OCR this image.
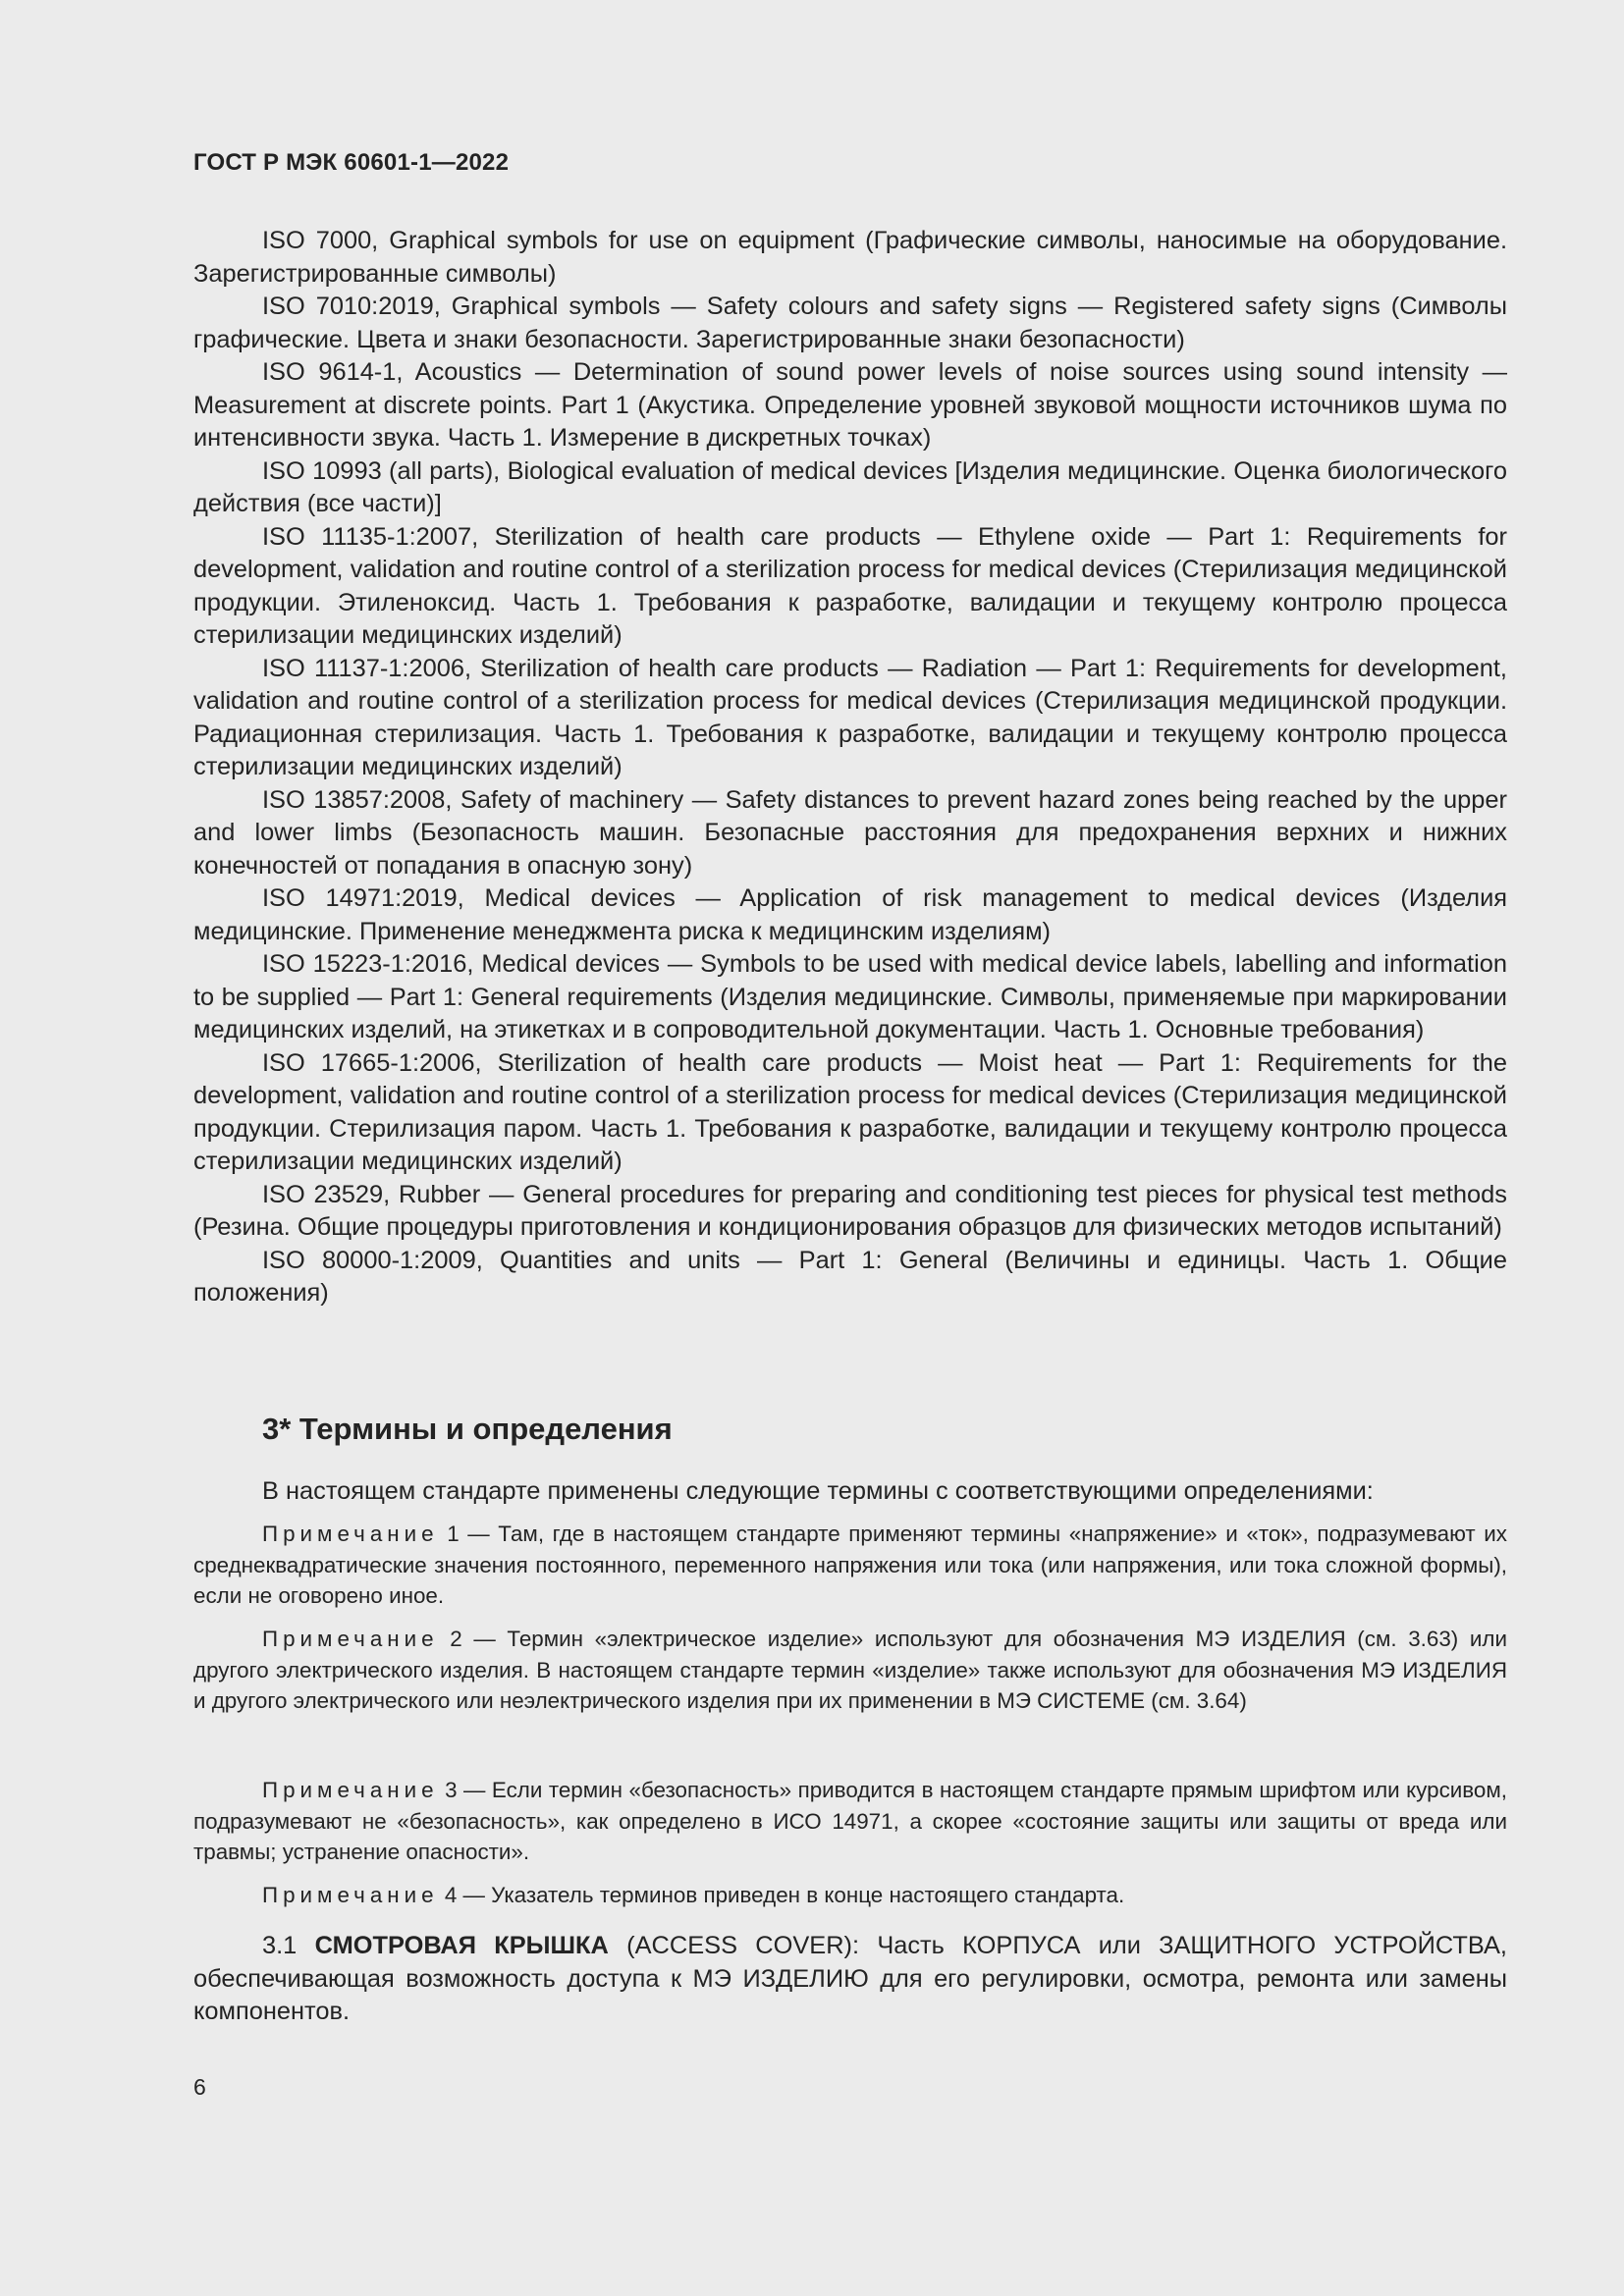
ГОСТ Р МЭК 60601-1—2022

ISO 7000, Graphical symbols for use on equipment (Графические символы, наносимые на оборудование. Зарегистрированные символы)

ISO 7010:2019, Graphical symbols — Safety colours and safety signs — Registered safety signs (Символы графические. Цвета и знаки безопасности. Зарегистрированные знаки безопасности)

ISO 9614-1, Acoustics — Determination of sound power levels of noise sources using sound intensity — Measurement at discrete points. Part 1 (Акустика. Определение уровней звуковой мощности источников шума по интенсивности звука. Часть 1. Измерение в дискретных точках)

ISO 10993 (all parts), Biological evaluation of medical devices [Изделия медицинские. Оценка биологического действия (все части)]

ISO 11135-1:2007, Sterilization of health care products — Ethylene oxide — Part 1: Requirements for development, validation and routine control of a sterilization process for medical devices (Стерилизация медицинской продукции. Этиленоксид. Часть 1. Требования к разработке, валидации и текущему контролю процесса стерилизации медицинских изделий)

ISO 11137-1:2006, Sterilization of health care products — Radiation — Part 1: Requirements for development, validation and routine control of a sterilization process for medical devices (Стерилизация медицинской продукции. Радиационная стерилизация. Часть 1. Требования к разработке, валидации и текущему контролю процесса стерилизации медицинских изделий)

ISO 13857:2008, Safety of machinery — Safety distances to prevent hazard zones being reached by the upper and lower limbs (Безопасность машин. Безопасные расстояния для предохранения верхних и нижних конечностей от попадания в опасную зону)

ISO 14971:2019, Medical devices — Application of risk management to medical devices (Изделия медицинские. Применение менеджмента риска к медицинским изделиям)

ISO 15223-1:2016, Medical devices — Symbols to be used with medical device labels, labelling and information to be supplied — Part 1: General requirements (Изделия медицинские. Символы, применяемые при маркировании медицинских изделий, на этикетках и в сопроводительной документации. Часть 1. Основные требования)

ISO 17665-1:2006, Sterilization of health care products — Moist heat — Part 1: Requirements for the development, validation and routine control of a sterilization process for medical devices (Стерилизация медицинской продукции. Стерилизация паром. Часть 1. Требования к разработке, валидации и текущему контролю процесса стерилизации медицинских изделий)

ISO 23529, Rubber — General procedures for preparing and conditioning test pieces for physical test methods (Резина. Общие процедуры приготовления и кондиционирования образцов для физических методов испытаний)

ISO 80000-1:2009, Quantities and units — Part 1: General (Величины и единицы. Часть 1. Общие положения)

3* Термины и определения
В настоящем стандарте применены следующие термины с соответствующими определениями:
Примечание 1 — Там, где в настоящем стандарте применяют термины «напряжение» и «ток», подразумевают их среднеквадратические значения постоянного, переменного напряжения или тока (или напряжения, или тока сложной формы), если не оговорено иное.
Примечание 2 — Термин «электрическое изделие» используют для обозначения МЭ ИЗДЕЛИЯ (см. 3.63) или другого электрического изделия. В настоящем стандарте термин «изделие» также используют для обозначения МЭ ИЗДЕЛИЯ и другого электрического или неэлектрического изделия при их применении в МЭ СИСТЕМЕ (см. 3.64)
Примечание 3 — Если термин «безопасность» приводится в настоящем стандарте прямым шрифтом или курсивом, подразумевают не «безопасность», как определено в ИСО 14971, а скорее «состояние защиты или защиты от вреда или травмы; устранение опасности».
Примечание 4 — Указатель терминов приведен в конце настоящего стандарта.
3.1 СМОТРОВАЯ КРЫШКА (ACCESS COVER): Часть КОРПУСА или ЗАЩИТНОГО УСТРОЙСТВА, обеспечивающая возможность доступа к МЭ ИЗДЕЛИЮ для его регулировки, осмотра, ремонта или замены компонентов.
6
